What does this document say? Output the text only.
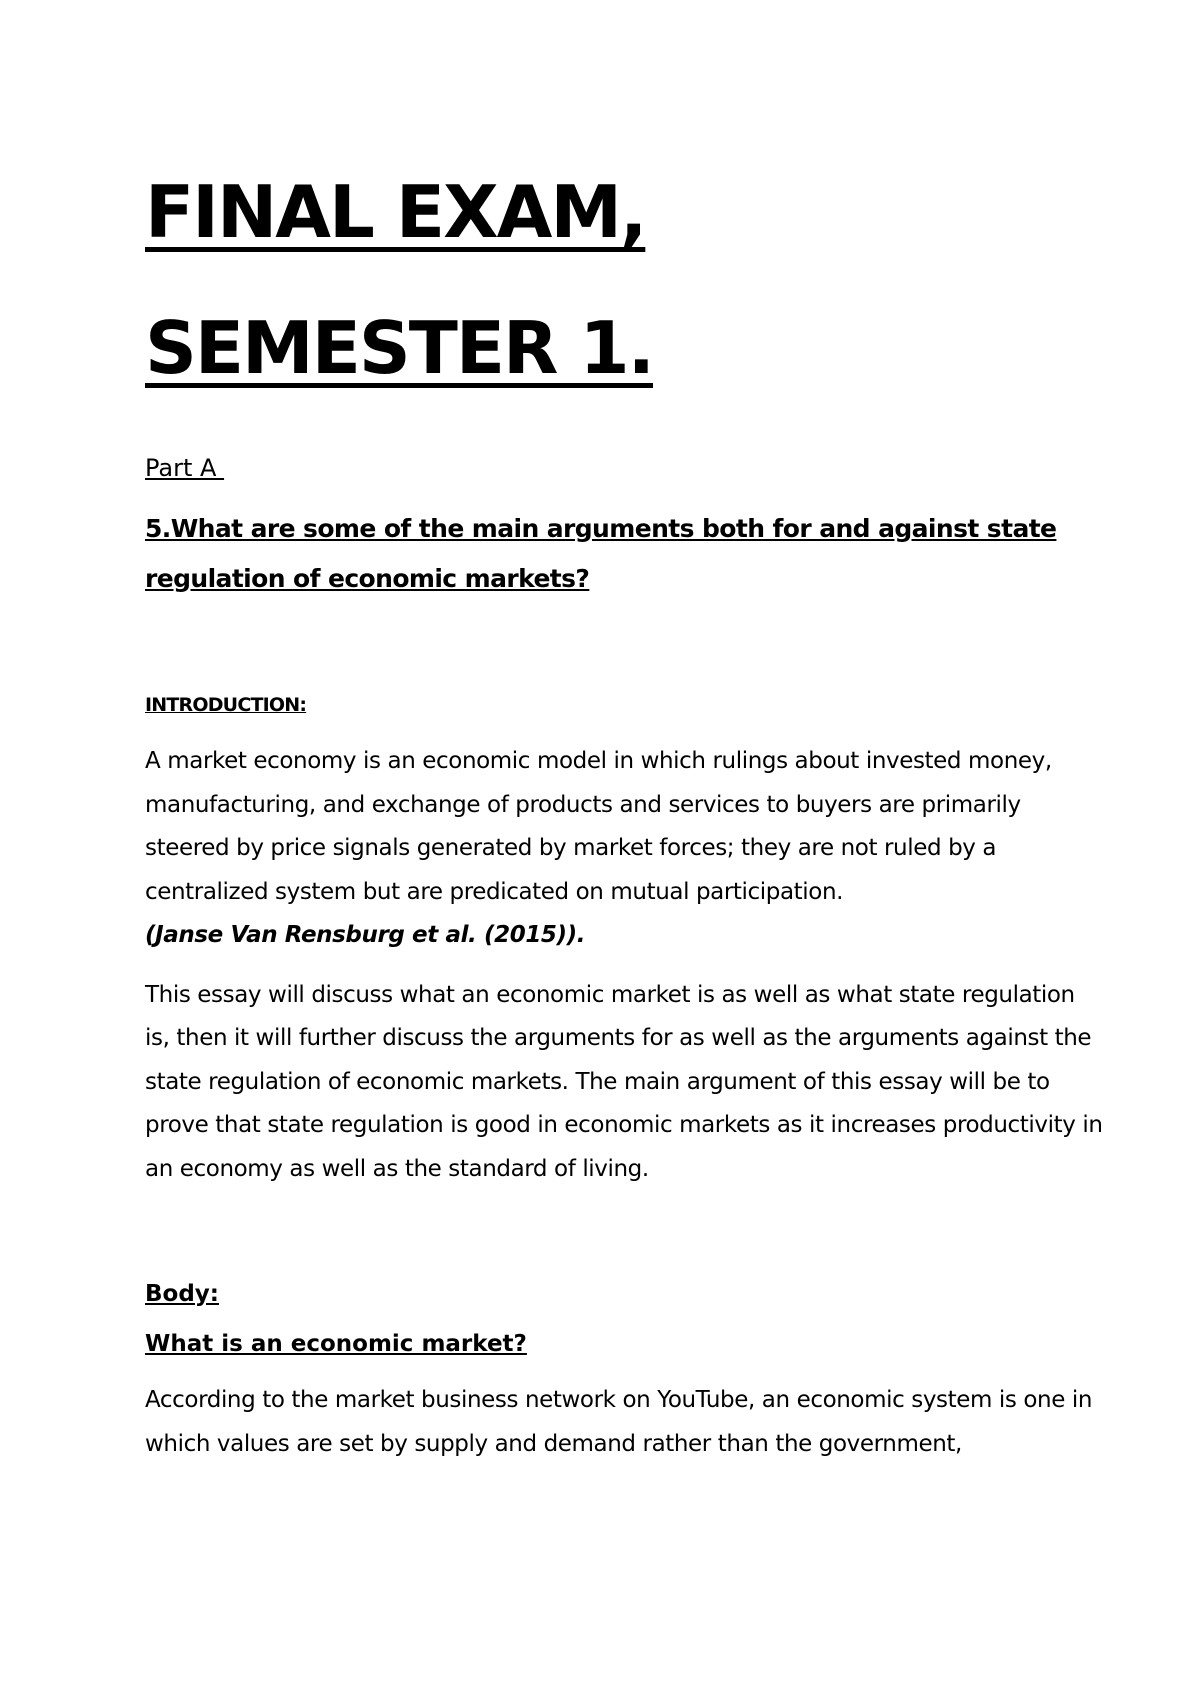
FINAL EXAM,
SEMESTER 1.
Part A
5.What are some of the main arguments both for and against state regulation of economic markets?
INTRODUCTION:

A market economy is an economic model in which rulings about invested money, manufacturing, and exchange of products and services to buyers are primarily steered by price signals generated by market forces; they are not ruled by a centralized system but are predicated on mutual participation.
(Janse Van Rensburg et al. (2015)).

This essay will discuss what an economic market is as well as what state regulation is, then it will further discuss the arguments for as well as the arguments against the state regulation of economic markets. The main argument of this essay will be to prove that state regulation is good in economic markets as it increases productivity in an economy as well as the standard of living.

Body:
What is an economic market?

According to the market business network on YouTube, an economic system is one in which values are set by supply and demand rather than the government,
